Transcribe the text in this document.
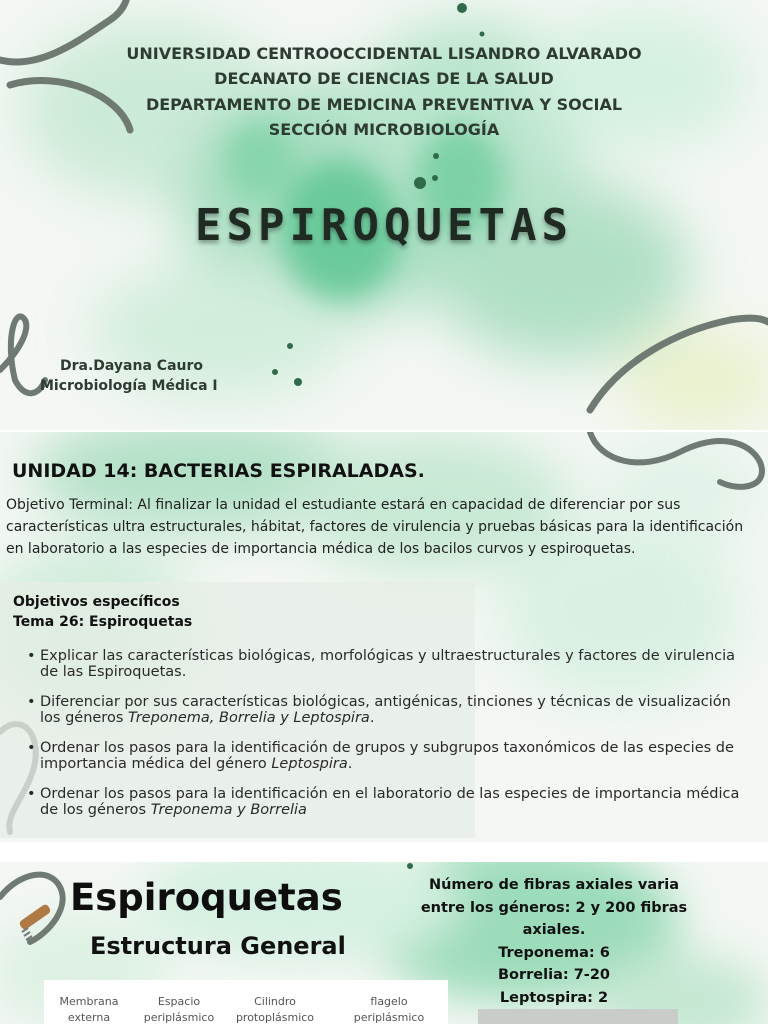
UNIVERSIDAD CENTROOCCIDENTAL LISANDRO ALVARADO
DECANATO DE CIENCIAS DE LA SALUD
DEPARTAMENTO DE MEDICINA PREVENTIVA Y SOCIAL
SECCIÓN MICROBIOLOGÍA
ESPIROQUETAS
Dra.Dayana Cauro
Microbiología Médica I
UNIDAD 14: BACTERIAS ESPIRALADAS.
Objetivo Terminal: Al finalizar la unidad el estudiante estará en capacidad de diferenciar por sus características ultra estructurales, hábitat, factores de virulencia y pruebas básicas para la identificación en laboratorio a las especies de importancia médica de los bacilos curvos y espiroquetas.
Objetivos específicos
Tema 26: Espiroquetas
• Explicar las características biológicas, morfológicas y ultraestructurales y factores de virulencia de las Espiroquetas.
• Diferenciar por sus características biológicas, antigénicas, tinciones y técnicas de visualización los géneros Treponema, Borrelia y Leptospira.
• Ordenar los pasos para la identificación de grupos y subgrupos taxonómicos de las especies de importancia médica del género Leptospira.
• Ordenar los pasos para la identificación en el laboratorio de las especies de importancia médica de los géneros Treponema y Borrelia
Espiroquetas
Estructura General
Número de fibras axiales varia
entre los géneros: 2 y 200 fibras
axiales.
Treponema: 6
Borrelia: 7-20
Leptospira: 2
Membrana
externa
Espacio
periplásmico
Cilindro
protoplásmico
flagelo
periplásmico
